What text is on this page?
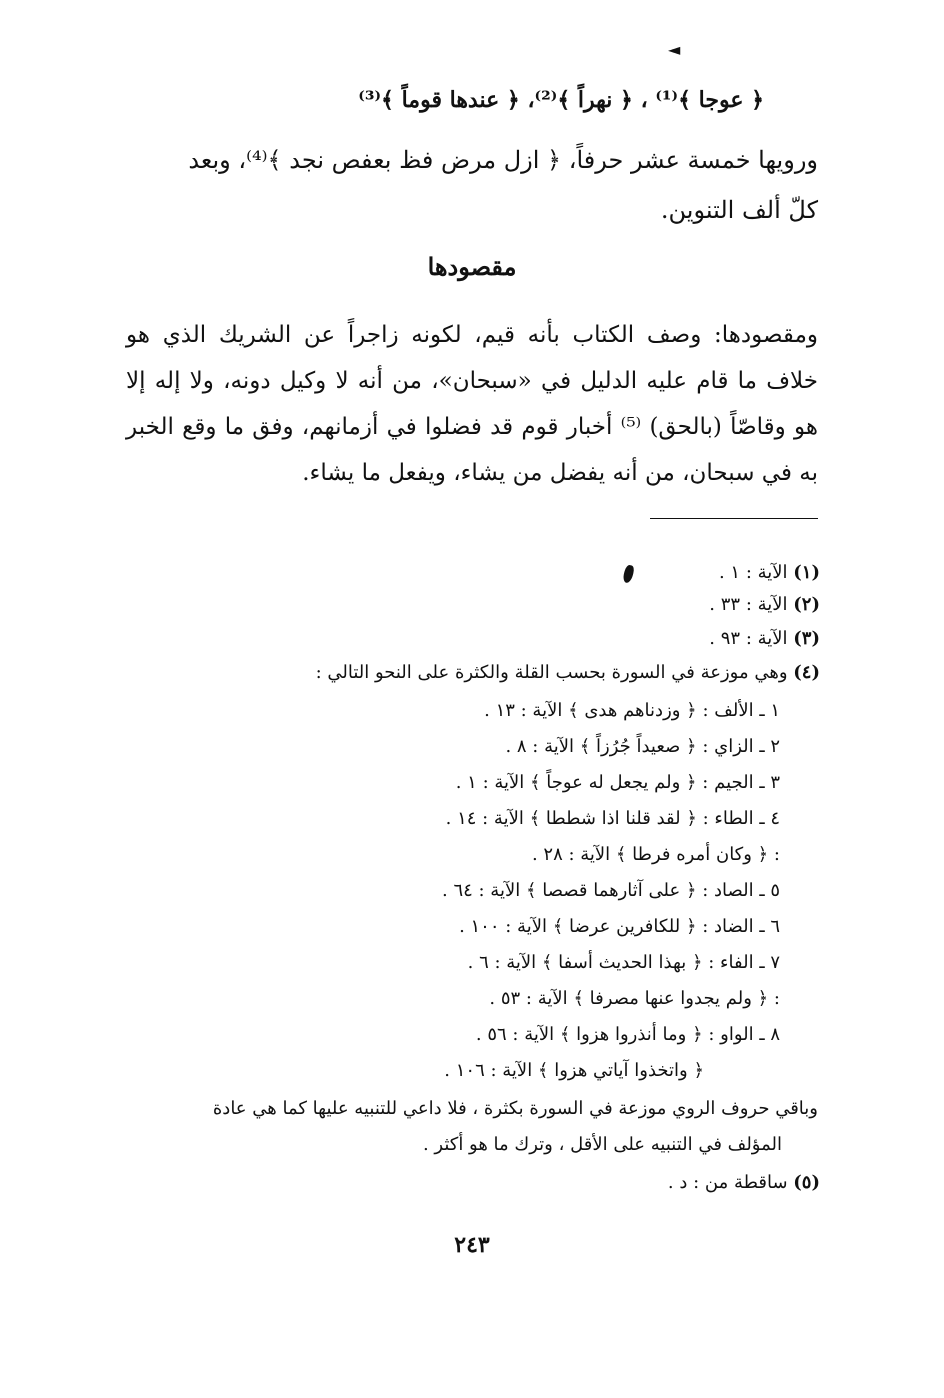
◄
﴿ عوجا ﴾⁽¹⁾ ، ﴿ نهراً ﴾⁽²⁾، ﴿ عندها قوماً ﴾⁽³⁾
ورويها خمسة عشر حرفاً، ﴿ ازل مرض فظ بعفص نجد ﴾⁽⁴⁾، وبعد
كلّ ألف التنوين.
مقصودها

ومقصودها: وصف الكتاب بأنه قيم، لكونه زاجراً عن الشريك الذي هو خلاف ما قام عليه الدليل في «سبحان»، من أنه لا وكيل دونه، ولا إله إلا هو وقاصّاً (بالحق) ⁽⁵⁾ أخبار قوم قد فضلوا في أزمانهم، وفق ما وقع الخبر به في سبحان، من أنه يفضل من يشاء، ويفعل ما يشاء.

(١) الآية : ١ .
(٢) الآية : ٣٣ .
(٣) الآية : ٩٣ .
(٤) وهي موزعة في السورة بحسب القلة والكثرة على النحو التالي :
١ ـ الألف : ﴿ وزدناهم هدى ﴾ الآية : ١٣ .
٢ ـ الزاي : ﴿ صعيداً جُرُزاً ﴾ الآية : ٨ .
٣ ـ الجيم : ﴿ ولم يجعل له عوجاً ﴾ الآية : ١ .
٤ ـ الطاء : ﴿ لقد قلنا اذا شططا ﴾ الآية : ١٤ .
: ﴿ وكان أمره فرطا ﴾ الآية : ٢٨ .
٥ ـ الصاد : ﴿ على آثارهما قصصا ﴾ الآية : ٦٤ .
٦ ـ الضاد : ﴿ للكافرين عرضا ﴾ الآية : ١٠٠ .
٧ ـ الفاء : ﴿ بهذا الحديث أسفا ﴾ الآية : ٦ .
: ﴿ ولم يجدوا عنها مصرفا ﴾ الآية : ٥٣ .
٨ ـ الواو : ﴿ وما أنذروا هزوا ﴾ الآية : ٥٦ .
﴿ واتخذوا آياتي هزوا ﴾ الآية : ١٠٦ .
وباقي حروف الروي موزعة في السورة بكثرة ، فلا داعي للتنبيه عليها كما هي عادة
المؤلف في التنبيه على الأقل ، وترك ما هو أكثر .
(٥) ساقطة من : د .
٢٤٣
